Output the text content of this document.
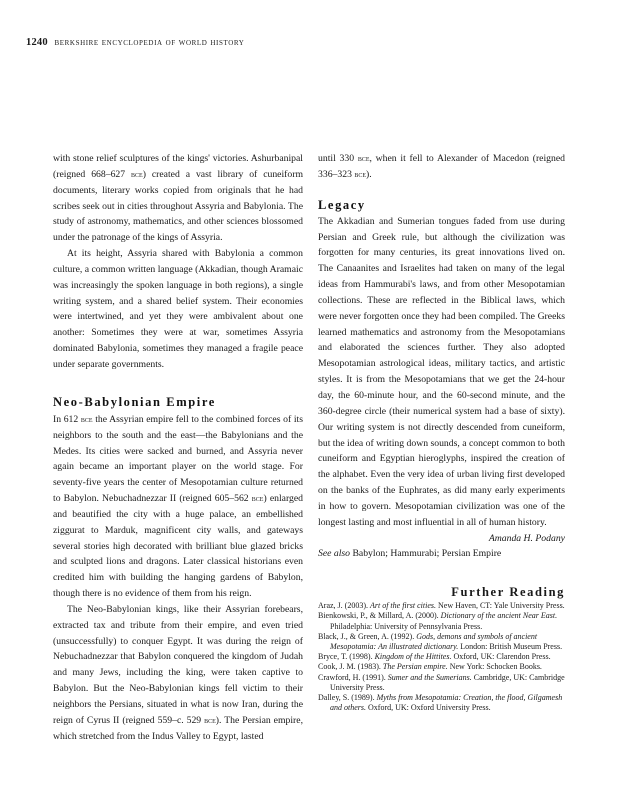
1240 berkshire encyclopedia of world history

with stone relief sculptures of the kings' victories. Ashurbanipal (reigned 668–627 bce) created a vast library of cuneiform documents, literary works copied from originals that he had scribes seek out in cities throughout Assyria and Babylonia. The study of astronomy, mathematics, and other sciences blossomed under the patronage of the kings of Assyria.

At its height, Assyria shared with Babylonia a common culture, a common written language (Akkadian, though Aramaic was increasingly the spoken language in both regions), a single writing system, and a shared belief system. Their economies were intertwined, and yet they were ambivalent about one another: Sometimes they were at war, sometimes Assyria dominated Babylonia, sometimes they managed a fragile peace under separate governments.

Neo-Babylonian Empire

In 612 bce the Assyrian empire fell to the combined forces of its neighbors to the south and the east—the Babylonians and the Medes. Its cities were sacked and burned, and Assyria never again became an important player on the world stage. For seventy-five years the center of Mesopotamian culture returned to Babylon. Nebuchadnezzar II (reigned 605–562 bce) enlarged and beautified the city with a huge palace, an embellished ziggurat to Marduk, magnificent city walls, and gateways several stories high decorated with brilliant blue glazed bricks and sculpted lions and dragons. Later classical historians even credited him with building the hanging gardens of Babylon, though there is no evidence of them from his reign.

The Neo-Babylonian kings, like their Assyrian forebears, extracted tax and tribute from their empire, and even tried (unsuccessfully) to conquer Egypt. It was during the reign of Nebuchadnezzar that Babylon conquered the kingdom of Judah and many Jews, including the king, were taken captive to Babylon. But the Neo-Babylonian kings fell victim to their neighbors the Persians, situated in what is now Iran, during the reign of Cyrus II (reigned 559–c. 529 bce). The Persian empire, which stretched from the Indus Valley to Egypt, lasted

until 330 bce, when it fell to Alexander of Macedon (reigned 336–323 bce).

Legacy

The Akkadian and Sumerian tongues faded from use during Persian and Greek rule, but although the civilization was forgotten for many centuries, its great innovations lived on. The Canaanites and Israelites had taken on many of the legal ideas from Hammurabi's laws, and from other Mesopotamian collections. These are reflected in the Biblical laws, which were never forgotten once they had been compiled. The Greeks learned mathematics and astronomy from the Mesopotamians and elaborated the sciences further. They also adopted Mesopotamian astrological ideas, military tactics, and artistic styles. It is from the Mesopotamians that we get the 24-hour day, the 60-minute hour, and the 60-second minute, and the 360-degree circle (their numerical system had a base of sixty). Our writing system is not directly descended from cuneiform, but the idea of writing down sounds, a concept common to both cuneiform and Egyptian hieroglyphs, inspired the creation of the alphabet. Even the very idea of urban living first developed on the banks of the Euphrates, as did many early experiments in how to govern. Mesopotamian civilization was one of the longest lasting and most influential in all of human history.

Amanda H. Podany

See also Babylon; Hammurabi; Persian Empire

Further Reading

Araz, J. (2003). Art of the first cities. New Haven, CT: Yale University Press.

Bienkowski, P., & Millard, A. (2000). Dictionary of the ancient Near East. Philadelphia: University of Pennsylvania Press.

Black, J., & Green, A. (1992). Gods, demons and symbols of ancient Mesopotamia: An illustrated dictionary. London: British Museum Press.

Bryce, T. (1998). Kingdom of the Hittites. Oxford, UK: Clarendon Press.

Cook, J. M. (1983). The Persian empire. New York: Schocken Books.

Crawford, H. (1991). Sumer and the Sumerians. Cambridge, UK: Cambridge University Press.

Dalley, S. (1989). Myths from Mesopotamia: Creation, the flood, Gilgamesh and others. Oxford, UK: Oxford University Press.
